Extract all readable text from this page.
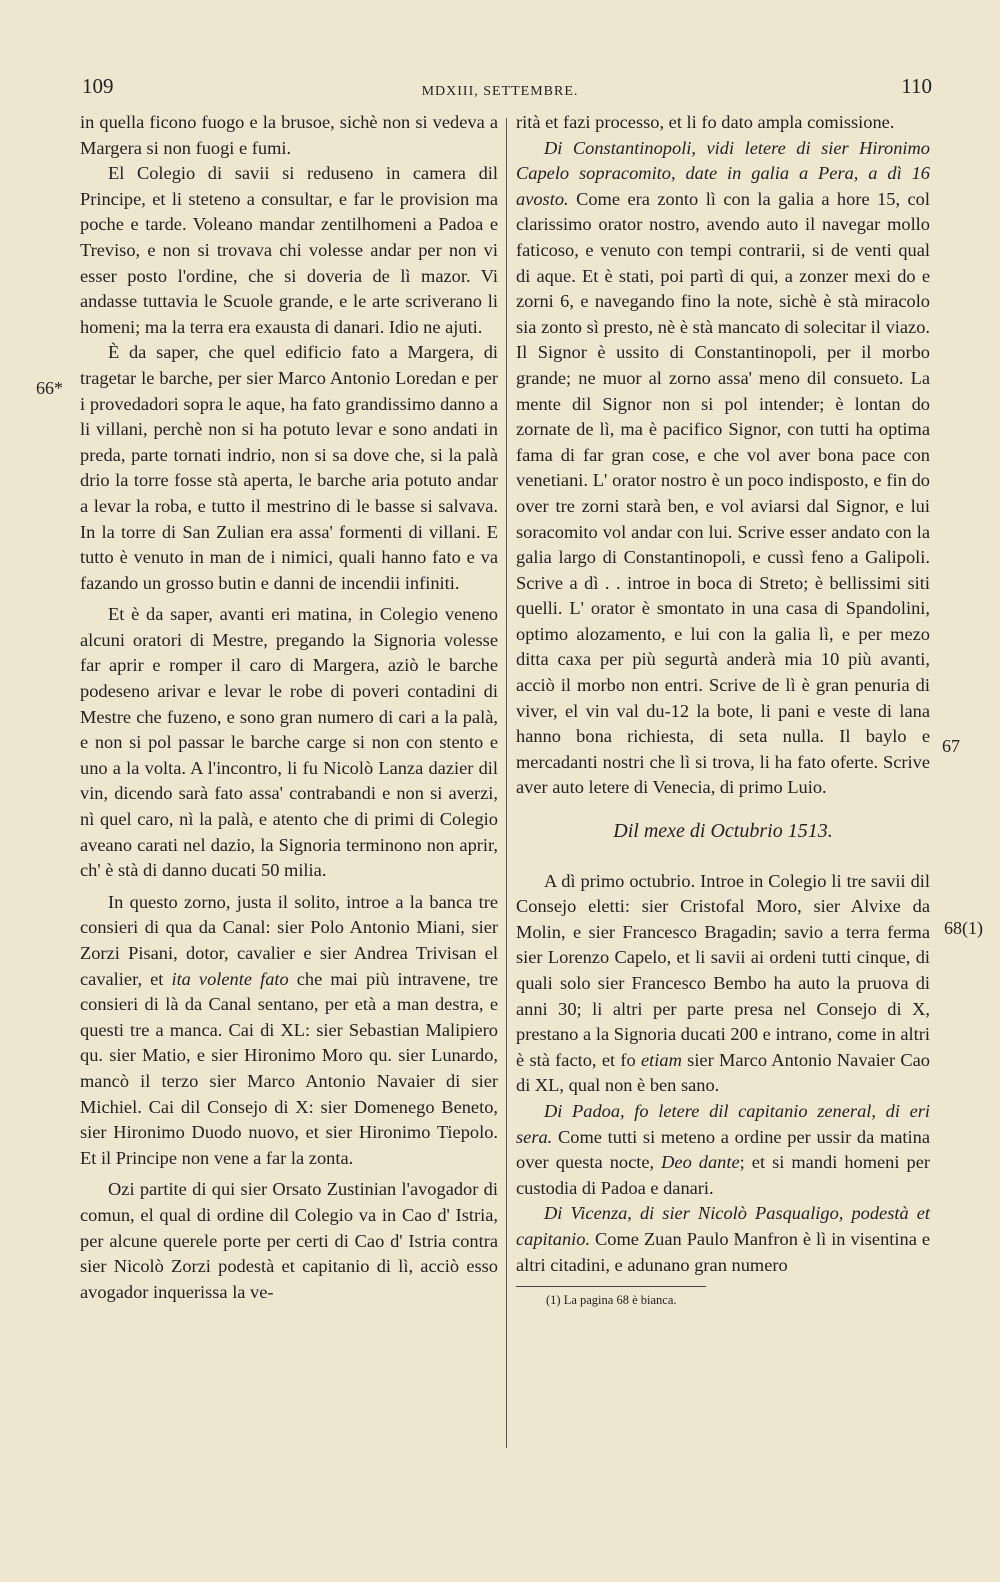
109	MDXIII, SETTEMBRE.	110
66*
67
68(1)

in quella ficono fuogo e la brusoe, sichè non si vedeva a Margera si non fuogi e fumi.

El Colegio di savii si reduseno in camera dil Principe, et li steteno a consultar, e far le provision ma poche e tarde. Voleano mandar zentilhomeni a Padoa e Treviso, e non si trovava chi volesse andar per non vi esser posto l'ordine, che si doveria de lì mazor. Vi andasse tuttavia le Scuole grande, e le arte scriverano li homeni; ma la terra era exausta di danari. Idio ne ajuti.

È da saper, che quel edificio fato a Margera, di tragetar le barche, per sier Marco Antonio Loredan e per i provedadori sopra le aque, ha fato grandissimo danno a li villani, perchè non si ha potuto levar e sono andati in preda, parte tornati indrio, non si sa dove che, si la palà drio la torre fosse stà aperta, le barche aria potuto andar a levar la roba, e tutto il mestrino di le basse si salvava. In la torre di San Zulian era assa' formenti di villani. E tutto è venuto in man de i nimici, quali hanno fato e va fazando un grosso butin e danni de incendii infiniti.

Et è da saper, avanti eri matina, in Colegio veneno alcuni oratori di Mestre, pregando la Signoria volesse far aprir e romper il caro di Margera, aziò le barche podeseno arivar e levar le robe di poveri contadini di Mestre che fuzeno, e sono gran numero di cari a la palà, e non si pol passar le barche carge si non con stento e uno a la volta. A l'incontro, li fu Nicolò Lanza dazier dil vin, dicendo sarà fato assa' contrabandi e non si averzi, nì quel caro, nì la palà, e atento che di primi di Colegio aveano carati nel dazio, la Signoria terminono non aprir, ch' è stà di danno ducati 50 milia.

In questo zorno, justa il solito, introe a la banca tre consieri di qua da Canal: sier Polo Antonio Miani, sier Zorzi Pisani, dotor, cavalier e sier Andrea Trivisan el cavalier, et ita volente fato che mai più intravene, tre consieri di là da Canal sentano, per età a man destra, e questi tre a manca. Cai di XL: sier Sebastian Malipiero qu. sier Matio, e sier Hironimo Moro qu. sier Lunardo, mancò il terzo sier Marco Antonio Navaier di sier Michiel. Cai dil Consejo di X: sier Domenego Beneto, sier Hironimo Duodo nuovo, et sier Hironimo Tiepolo. Et il Principe non vene a far la zonta.

Ozi partite di qui sier Orsato Zustinian l'avogador di comun, el qual di ordine dil Colegio va in Cao d' Istria, per alcune querele porte per certi di Cao d' Istria contra sier Nicolò Zorzi podestà et capitanio di lì, acciò esso avogador inquerissa la ve-

rità et fazi processo, et li fo dato ampla comissione.

Di Constantinopoli, vidi letere di sier Hironimo Capelo sopracomito, date in galia a Pera, a dì 16 avosto. Come era zonto lì con la galia a hore 15, col clarissimo orator nostro, avendo auto il navegar mollo faticoso, e venuto con tempi contrarii, si de venti qual di aque. Et è stati, poi partì di qui, a zonzer mexi do e zorni 6, e navegando fino la note, sichè è stà miracolo sia zonto sì presto, nè è stà mancato di solecitar il viazo. Il Signor è ussito di Constantinopoli, per il morbo grande; ne muor al zorno assa' meno dil consueto. La mente dil Signor non si pol intender; è lontan do zornate de lì, ma è pacifico Signor, con tutti ha optima fama di far gran cose, e che vol aver bona pace con venetiani. L' orator nostro è un poco indisposto, e fin do over tre zorni starà ben, e vol aviarsi dal Signor, e lui soracomito vol andar con lui. Scrive esser andato con la galia largo di Constantinopoli, e cussì feno a Galipoli. Scrive a dì . . introe in boca di Streto; è bellissimi siti quelli. L' orator è smontato in una casa di Spandolini, optimo alozamento, e lui con la galia lì, e per mezo ditta caxa per più segurtà anderà mia 10 più avanti, acciò il morbo non entri. Scrive de lì è gran penuria di viver, el vin val du-12 la bote, li pani e veste di lana hanno bona richiesta, di seta nulla. Il baylo e mercadanti nostri che lì si trova, li ha fato oferte. Scrive aver auto letere di Venecia, di primo Luio.

Dil mexe di Octubrio 1513.

A dì primo octubrio. Introe in Colegio li tre savii dil Consejo eletti: sier Cristofal Moro, sier Alvixe da Molin, e sier Francesco Bragadin; savio a terra ferma sier Lorenzo Capelo, et li savii ai ordeni tutti cinque, di quali solo sier Francesco Bembo ha auto la pruova di anni 30; li altri per parte presa nel Consejo di X, prestano a la Signoria ducati 200 e intrano, come in altri è stà facto, et fo etiam sier Marco Antonio Navaier Cao di XL, qual non è ben sano.

Di Padoa, fo letere dil capitanio zeneral, di eri sera. Come tutti si meteno a ordine per ussir da matina over questa nocte, Deo dante; et si mandi homeni per custodia di Padoa e danari.

Di Vicenza, di sier Nicolò Pasqualigo, podestà et capitanio. Come Zuan Paulo Manfron è lì in visentina e altri citadini, e adunano gran numero

(1) La pagina 68 è bianca.
